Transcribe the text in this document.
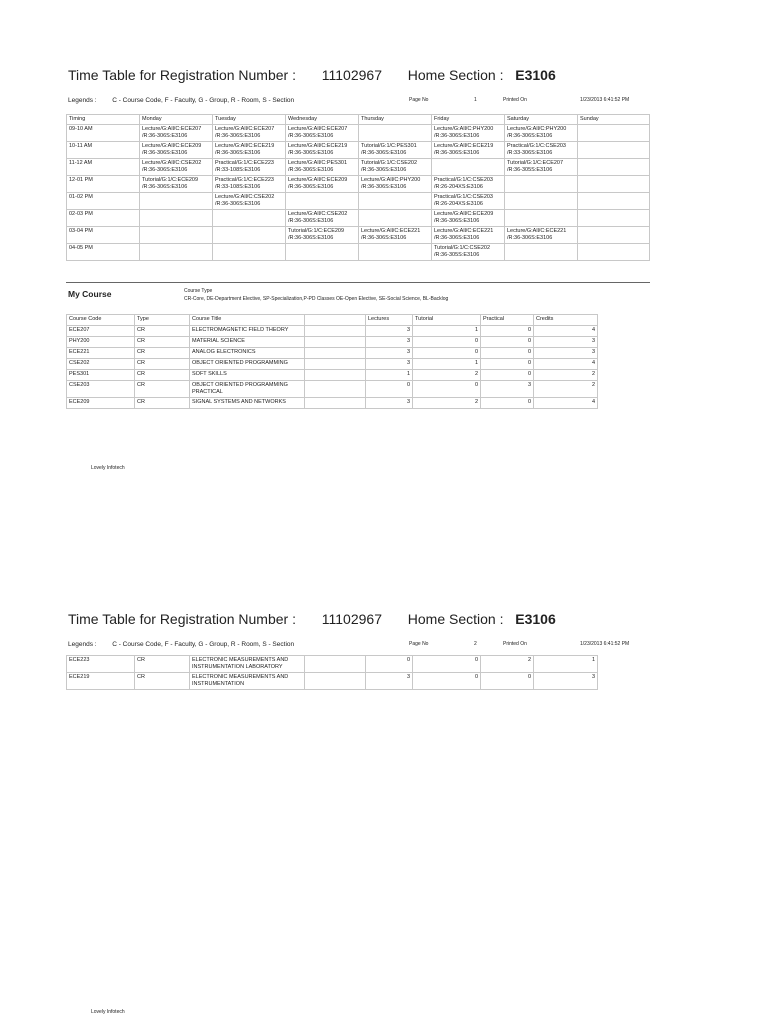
Time Table for Registration Number : 11102967 Home Section : E3106
Legends : C - Course Code, F - Faculty, G - Group, R - Room, S - Section	Page No	1	Printed On	1/23/2013 6:41:52 PM
Timing	Monday	Tuesday	Wednesday	Thursday	Friday	Saturday	Sunday
09-10 AM	Lecture/G:All/C:ECE207 /R:36-306S:E3106	Lecture/G:All/C:ECE207 /R:36-306S:E3106	Lecture/G:All/C:ECE207 /R:36-306S:E3106		Lecture/G:All/C:PHY200 /R:36-306S:E3106	Lecture/G:All/C:PHY200 /R:36-306S:E3106	
10-11 AM	Lecture/G:All/C:ECE209 /R:36-306S:E3106	Lecture/G:All/C:ECE219 /R:36-306S:E3106	Lecture/G:All/C:ECE219 /R:36-306S:E3106	Tutorial/G:1/C:PES301 /R:36-306S:E3106	Lecture/G:All/C:ECE219 /R:36-306S:E3106	Practical/G:1/C:CSE203 /R:33-306S:E3106	
11-12 AM	Lecture/G:All/C:CSE202 /R:36-306S:E3106	Practical/G:1/C:ECE223 /R:33-108S:E3106	Lecture/G:All/C:PES301 /R:36-306S:E3106	Tutorial/G:1/C:CSE202 /R:36-306S:E3106		Tutorial/G:1/C:ECE207 /R:36-305S:E3106	
12-01 PM	Tutorial/G:1/C:ECE209 /R:36-306S:E3106	Practical/G:1/C:ECE223 /R:33-108S:E3106	Lecture/G:All/C:ECE209 /R:36-306S:E3106	Lecture/G:All/C:PHY200 /R:36-306S:E3106	Practical/G:1/C:CSE203 /R:26-204XS:E3106		
01-02 PM		Lecture/G:All/C:CSE202 /R:36-306S:E3106			Practical/G:1/C:CSE203 /R:26-204XS:E3106		
02-03 PM			Lecture/G:All/C:CSE202 /R:36-306S:E3106		Lecture/G:All/C:ECE209 /R:36-306S:E3106		
03-04 PM			Tutorial/G:1/C:ECE209 /R:36-306S:E3106	Lecture/G:All/C:ECE221 /R:36-306S:E3106	Lecture/G:All/C:ECE221 /R:36-306S:E3106	Lecture/G:All/C:ECE221 /R:36-306S:E3106	
04-05 PM					Tutorial/G:1/C:CSE202 /R:36-305S:E3106		
My Course	Course Type
CR-Core, DE-Department Elective, SP-Specialization,P-PD Classes OE-Open Elective, SE-Social Science, BL-Backlog
Course Code	Type	Course Title		Lectures	Tutorial	Practical	Credits
ECE207	CR	ELECTROMAGNETIC FIELD THEORY		3	1	0	4
PHY200	CR	MATERIAL SCIENCE		3	0	0	3
ECE221	CR	ANALOG ELECTRONICS		3	0	0	3
CSE202	CR	OBJECT ORIENTED PROGRAMMING		3	1	0	4
PES301	CR	SOFT SKILLS		1	2	0	2
CSE203	CR	OBJECT ORIENTED PROGRAMMING PRACTICAL		0	0	3	2
ECE209	CR	SIGNAL SYSTEMS AND NETWORKS		3	2	0	4
Lovely Infotech
Time Table for Registration Number : 11102967 Home Section : E3106
Legends : C - Course Code, F - Faculty, G - Group, R - Room, S - Section	Page No	2	Printed On	1/23/2013 6:41:52 PM
ECE223	CR	ELECTRONIC MEASUREMENTS AND INSTRUMENTATION LABORATORY		0	0	2	1
ECE219	CR	ELECTRONIC MEASUREMENTS AND INSTRUMENTATION		3	0	0	3
Lovely Infotech
